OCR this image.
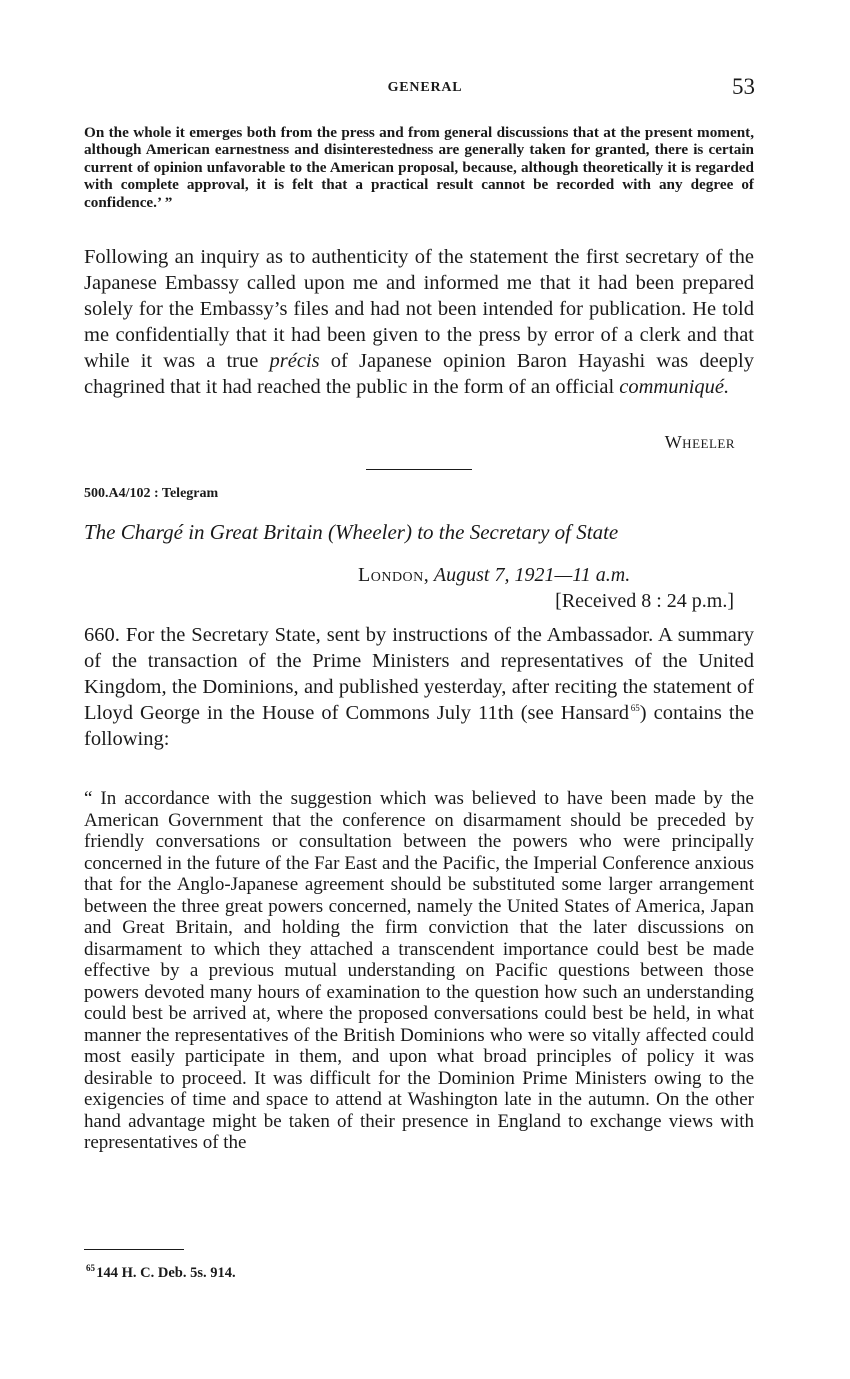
GENERAL	53
On the whole it emerges both from the press and from general discussions that at the present moment, although American earnestness and disinterestedness are generally taken for granted, there is certain current of opinion unfavorable to the American proposal, because, although theoretically it is regarded with complete approval, it is felt that a practical result cannot be recorded with any degree of confidence.’ ”
Following an inquiry as to authenticity of the statement the first secretary of the Japanese Embassy called upon me and informed me that it had been prepared solely for the Embassy’s files and had not been intended for publication. He told me confidentially that it had been given to the press by error of a clerk and that while it was a true précis of Japanese opinion Baron Hayashi was deeply chagrined that it had reached the public in the form of an official communiqué.
Wheeler
500.A4/102 : Telegram
The Chargé in Great Britain (Wheeler) to the Secretary of State
London, August 7, 1921—11 a.m.
[Received 8 : 24 p.m.]
660. For the Secretary State, sent by instructions of the Ambassador. A summary of the transaction of the Prime Ministers and representatives of the United Kingdom, the Dominions, and published yesterday, after reciting the statement of Lloyd George in the House of Commons July 11th (see Hansard  $^{65}$) contains the following:
“ In accordance with the suggestion which was believed to have been made by the American Government that the conference on disarmament should be preceded by friendly conversations or consultation between the powers who were principally concerned in the future of the Far East and the Pacific, the Imperial Conference anxious that for the Anglo-Japanese agreement should be substituted some larger arrangement between the three great powers concerned, namely the United States of America, Japan and Great Britain, and holding the firm conviction that the later discussions on disarmament to which they attached a transcendent importance could best be made effective by a previous mutual understanding on Pacific questions between those powers devoted many hours of examination to the question how such an understanding could best be arrived at, where the proposed conversations could best be held, in what manner the representatives of the British Dominions who were so vitally affected could most easily participate in them, and upon what broad principles of policy it was desirable to proceed. It was difficult for the Dominion Prime Ministers owing to the exigencies of time and space to attend at Washington late in the autumn. On the other hand advantage might be taken of their presence in England to exchange views with representatives of the
$^{65}$ 144 H. C. Deb. 5s. 914.
